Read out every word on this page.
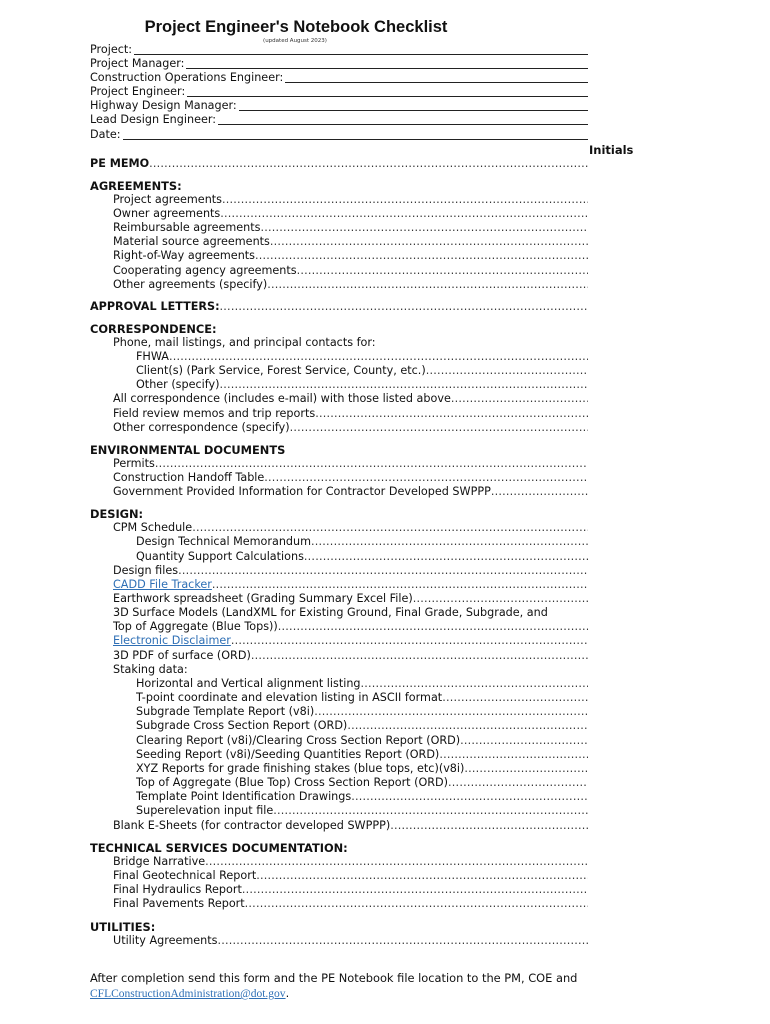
Project Engineer's Notebook Checklist
(updated August 2023)
Project:
Project Manager:
Construction Operations Engineer:
Project Engineer:
Highway Design Manager:
Lead Design Engineer:
Date:
Initials
PE MEMO
.....
AGREEMENTS:
Project agreements
.....
Owner agreements
.....
Reimbursable agreements
.....
Material source agreements
.....
Right-of-Way agreements
.....
Cooperating agency agreements
.....
Other agreements (specify)
.....
APPROVAL LETTERS:
.....
CORRESPONDENCE:
Phone, mail listings, and principal contacts for:
FHWA
.....
Client(s) (Park Service, Forest Service, County, etc.)
.....
Other (specify)
.....
All correspondence (includes e-mail) with those listed above
.....
Field review memos and trip reports
.....
Other correspondence (specify)
.....
ENVIRONMENTAL DOCUMENTS
Permits
.....
Construction Handoff Table
.....
Government Provided Information for Contractor Developed SWPPP
.....
DESIGN:
CPM Schedule
.....
Design Technical Memorandum
.....
Quantity Support Calculations
.....
Design files
.....
CADD File Tracker
.....
Earthwork spreadsheet (Grading Summary Excel File)
.....
3D Surface Models (LandXML for Existing Ground, Final Grade, Subgrade, and
Top of Aggregate (Blue Tops))
.....
Electronic Disclaimer
.....
3D PDF of surface (ORD)
.....
Staking data:
Horizontal and Vertical alignment listing
.....
T-point coordinate and elevation listing in ASCII format
.....
Subgrade Template Report (v8i)
.....
Subgrade Cross Section Report (ORD)
.....
Clearing Report (v8i)/Clearing Cross Section Report (ORD)
.....
Seeding Report (v8i)/Seeding Quantities Report (ORD)
.....
XYZ Reports for grade finishing stakes (blue tops, etc)(v8i)
.....
Top of Aggregate (Blue Top) Cross Section Report (ORD)
.....
Template Point Identification Drawings
.....
Superelevation input file
.....
Blank E-Sheets (for contractor developed SWPPP)
.....
TECHNICAL SERVICES DOCUMENTATION:
Bridge Narrative
.....
Final Geotechnical Report
.....
Final Hydraulics Report
.....
Final Pavements Report
.....
UTILITIES:
Utility Agreements
.....
After completion send this form and the PE Notebook file location to the PM, COE and
CFLConstructionAdministration@dot.gov.
